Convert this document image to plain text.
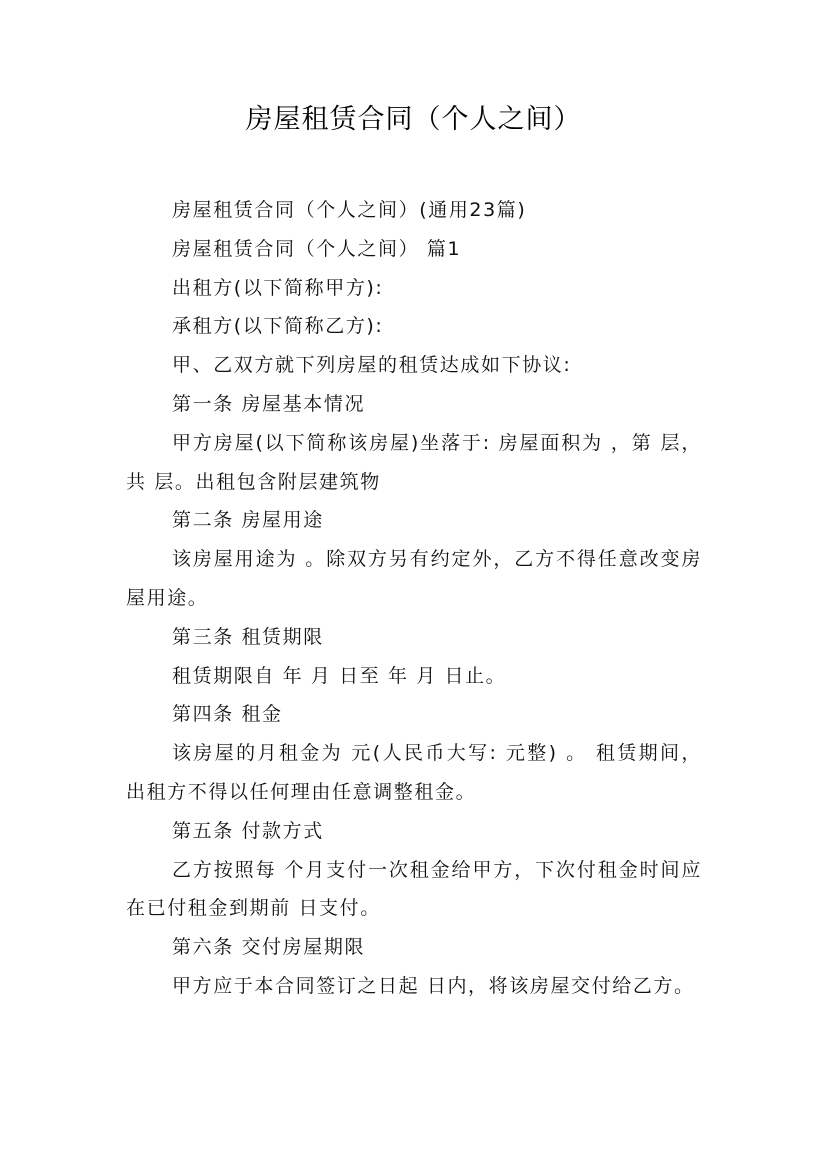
房屋租赁合同（个人之间）

房屋租赁合同（个人之间）(通用23篇)

房屋租赁合同（个人之间） 篇1

出租方(以下简称甲方):

承租方(以下简称乙方):

甲、乙双方就下列房屋的租赁达成如下协议:

第一条 房屋基本情况

甲方房屋(以下简称该房屋)坐落于: 房屋面积为 ，第 层，共 层。出租包含附层建筑物

第二条 房屋用途

该房屋用途为 。除双方另有约定外，乙方不得任意改变房屋用途。

第三条 租赁期限

租赁期限自 年 月 日至 年 月 日止。

第四条 租金

该房屋的月租金为 元(人民币大写: 元整) 。 租赁期间，出租方不得以任何理由任意调整租金。

第五条 付款方式

乙方按照每 个月支付一次租金给甲方，下次付租金时间应在已付租金到期前 日支付。

第六条 交付房屋期限

甲方应于本合同签订之日起 日内，将该房屋交付给乙方。
